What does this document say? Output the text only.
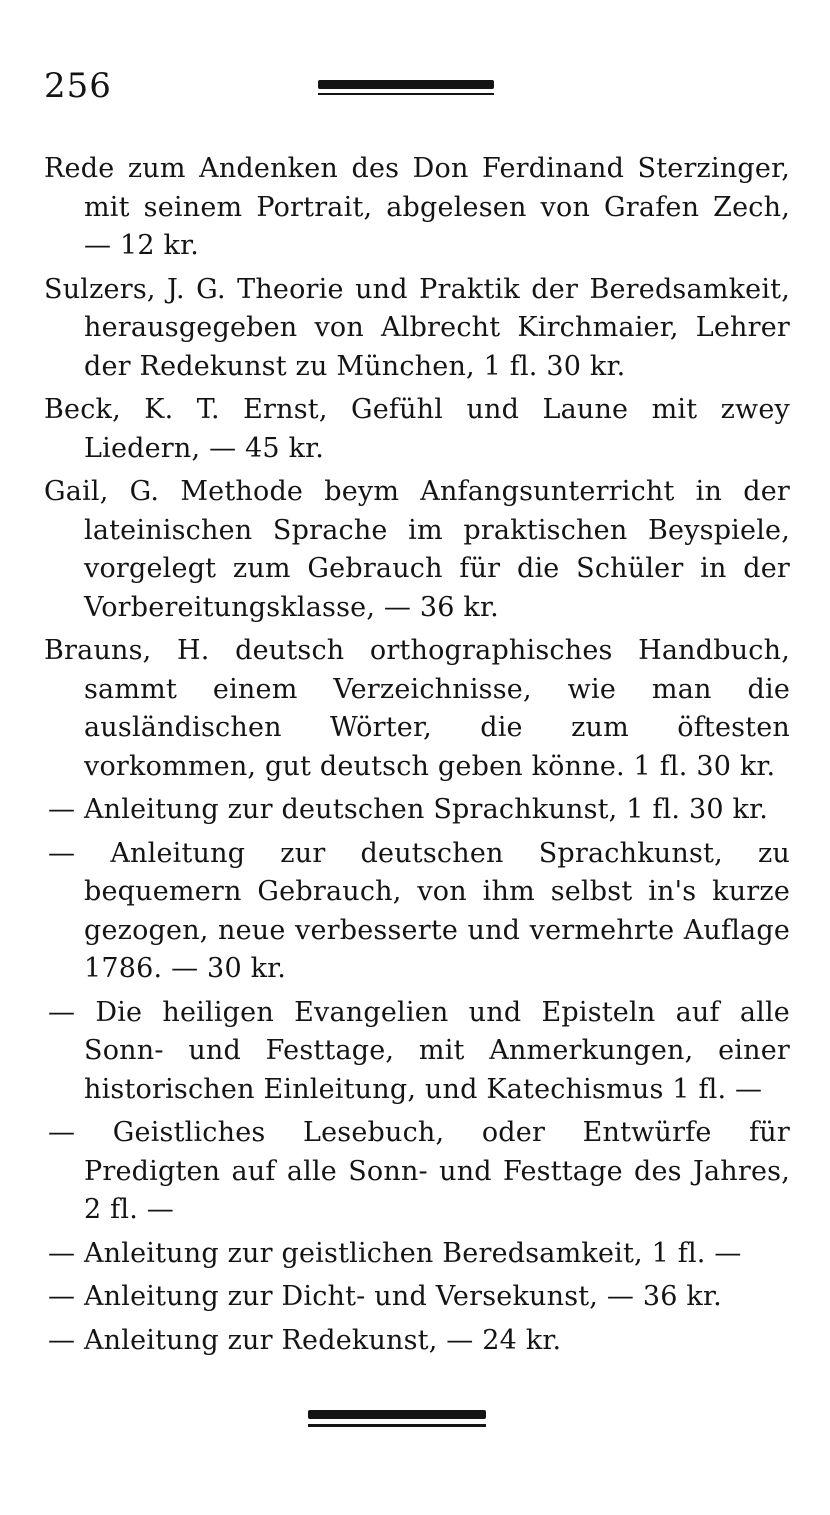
256

Rede zum Andenken des Don Ferdinand Sterzinger, mit seinem Portrait, abgelesen von Grafen Zech, — 12 kr.

Sulzers, J. G. Theorie und Praktik der Beredsamkeit, herausgegeben von Albrecht Kirchmaier, Lehrer der Redekunst zu München, 1 fl. 30 kr.

Beck, K. T. Ernst, Gefühl und Laune mit zwey Liedern, — 45 kr.

Gail, G. Methode beym Anfangsunterricht in der lateinischen Sprache im praktischen Beyspiele, vorgelegt zum Gebrauch für die Schüler in der Vorbereitungsklasse, — 36 kr.

Brauns, H. deutsch orthographisches Handbuch, sammt einem Verzeichnisse, wie man die ausländischen Wörter, die zum öftesten vorkommen, gut deutsch geben könne. 1 fl. 30 kr.

— Anleitung zur deutschen Sprachkunst, 1 fl. 30 kr.

— Anleitung zur deutschen Sprachkunst, zu bequemern Gebrauch, von ihm selbst in's kurze gezogen, neue verbesserte und vermehrte Auflage 1786. — 30 kr.

— Die heiligen Evangelien und Episteln auf alle Sonn- und Festtage, mit Anmerkungen, einer historischen Einleitung, und Katechismus 1 fl. —

— Geistliches Lesebuch, oder Entwürfe für Predigten auf alle Sonn- und Festtage des Jahres, 2 fl. —

— Anleitung zur geistlichen Beredsamkeit, 1 fl. —

— Anleitung zur Dicht- und Versekunst, — 36 kr.

— Anleitung zur Redekunst, — 24 kr.
